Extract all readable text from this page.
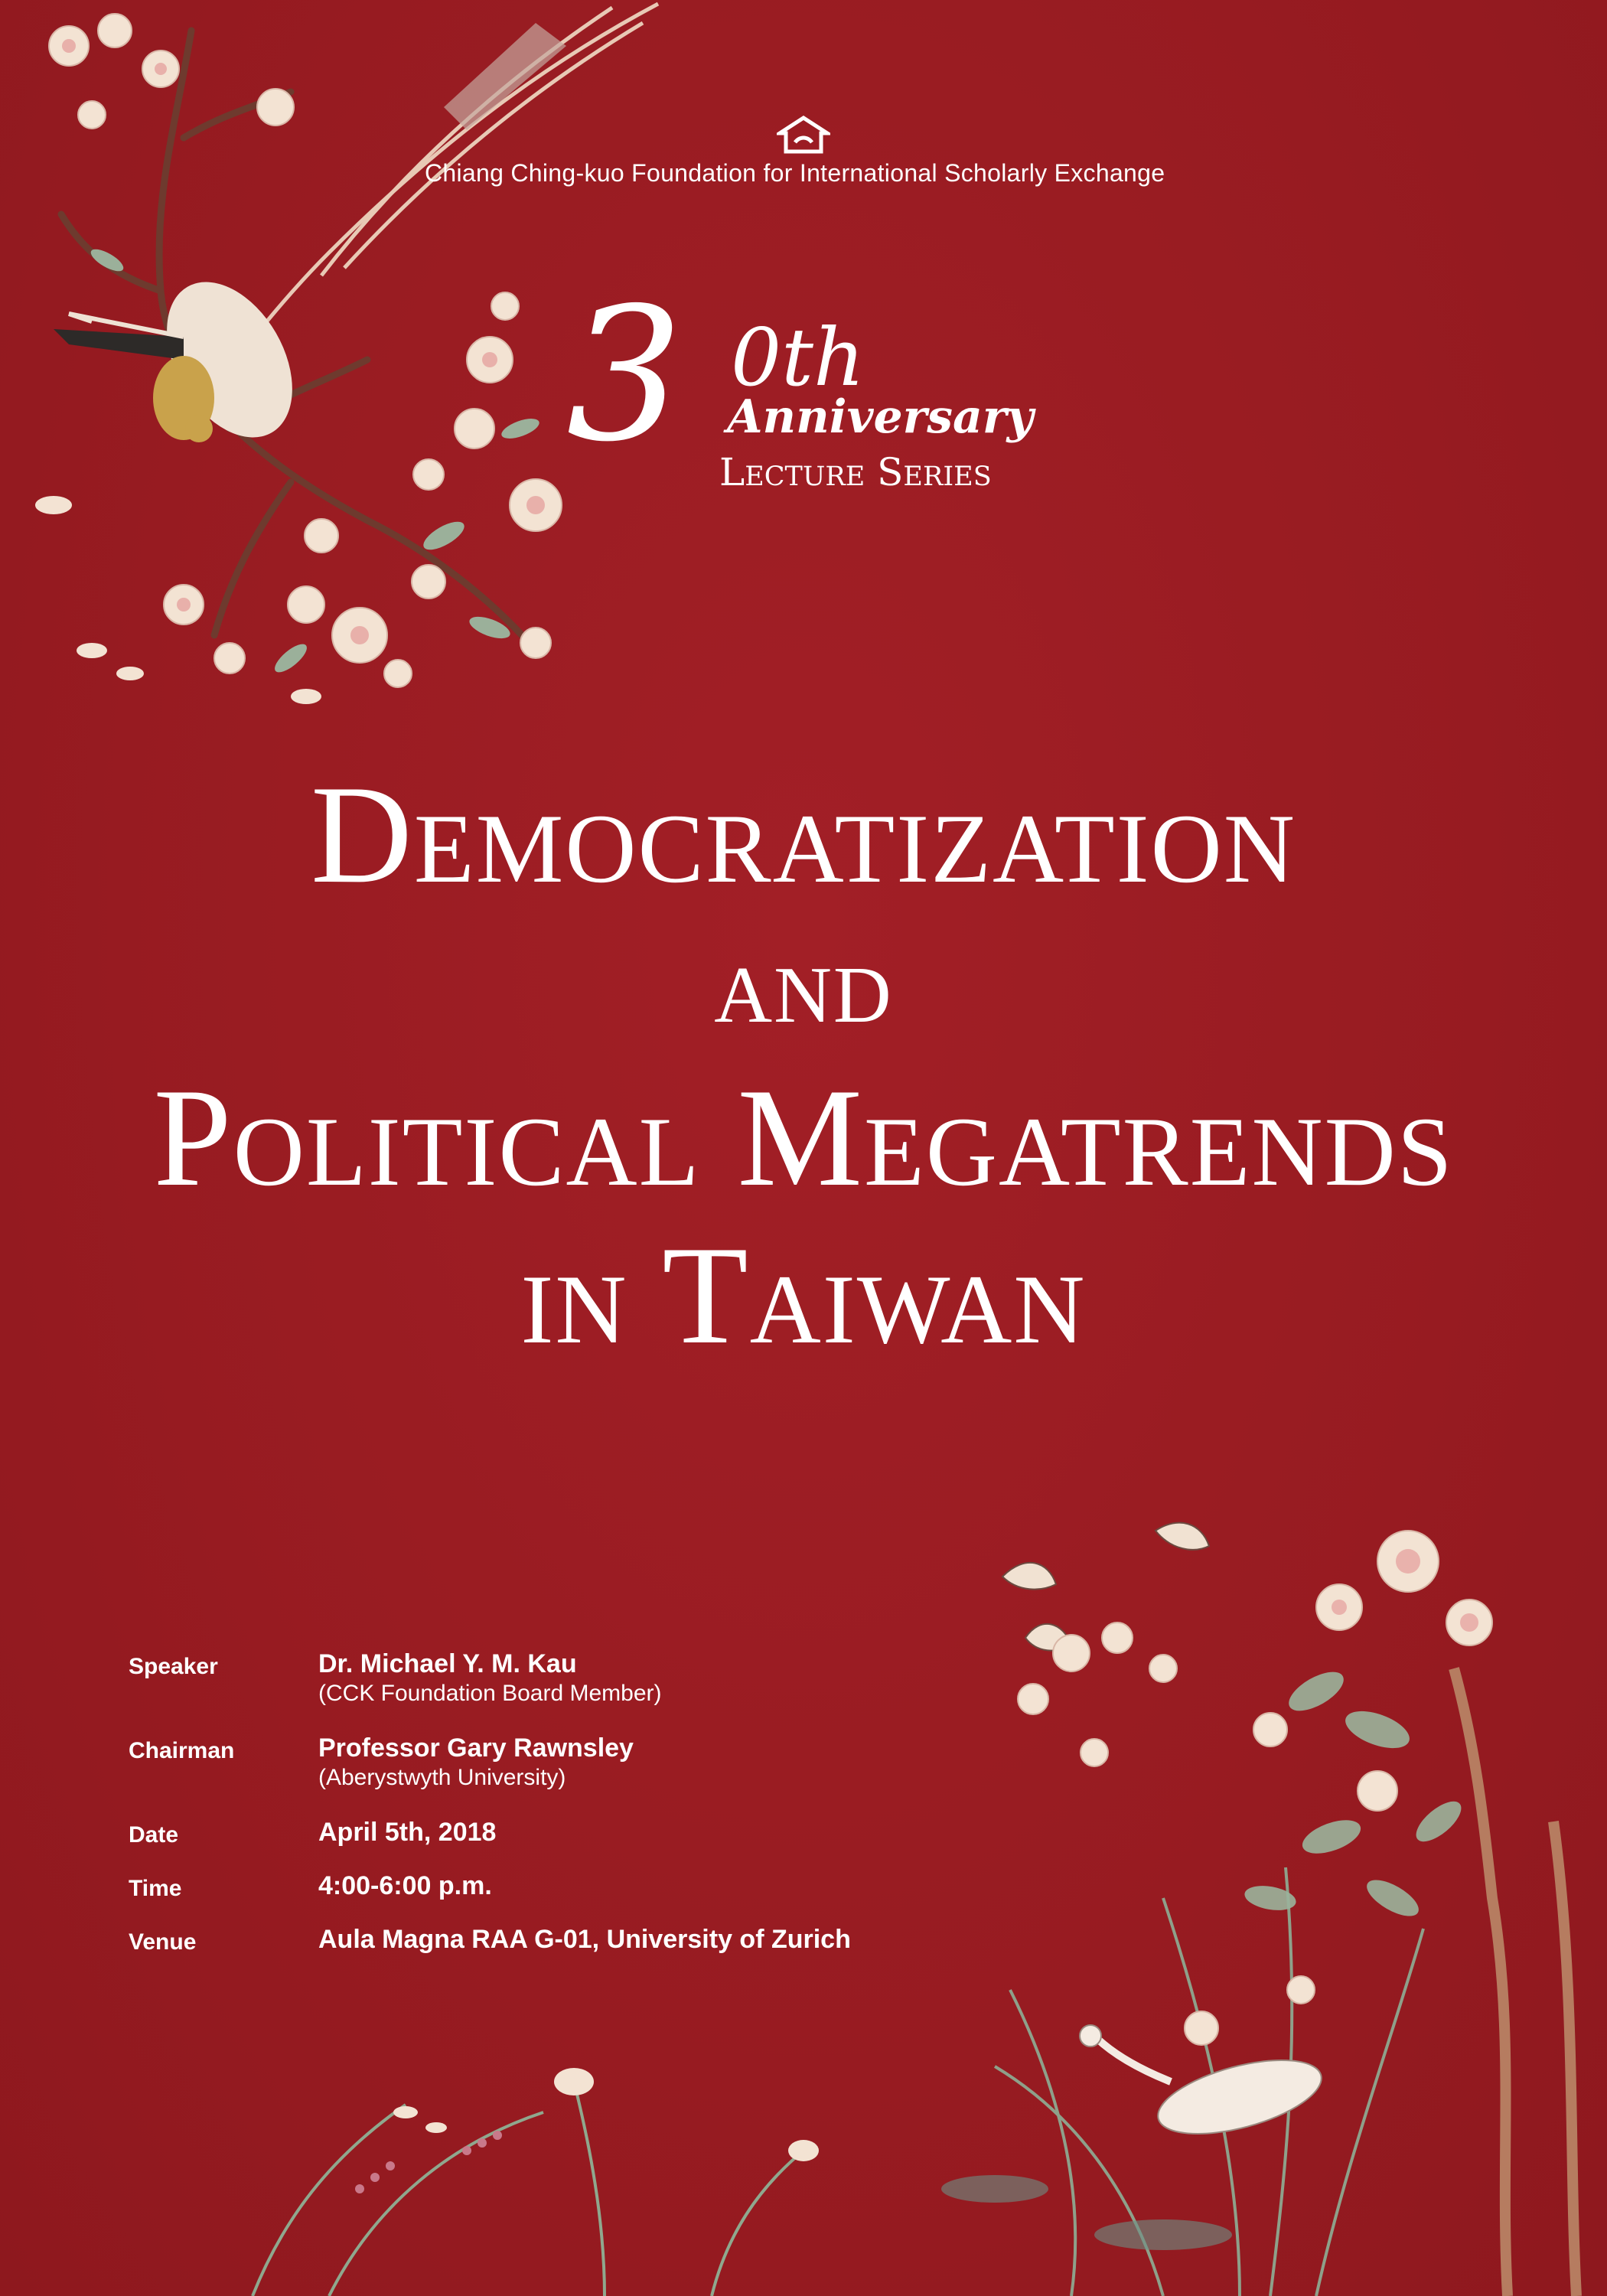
Chiang Ching-kuo Foundation for International Scholarly Exchange
3 0th
Anniversary
Lecture Series
Democratization
and
Political Megatrends
in Taiwan
Speaker	Dr. Michael Y. M. Kau
(CCK Foundation Board Member)
Chairman	Professor Gary Rawnsley
(Aberystwyth University)
Date	April 5th, 2018
Time	4:00-6:00 p.m.
Venue	Aula Magna RAA G-01, University of Zurich
